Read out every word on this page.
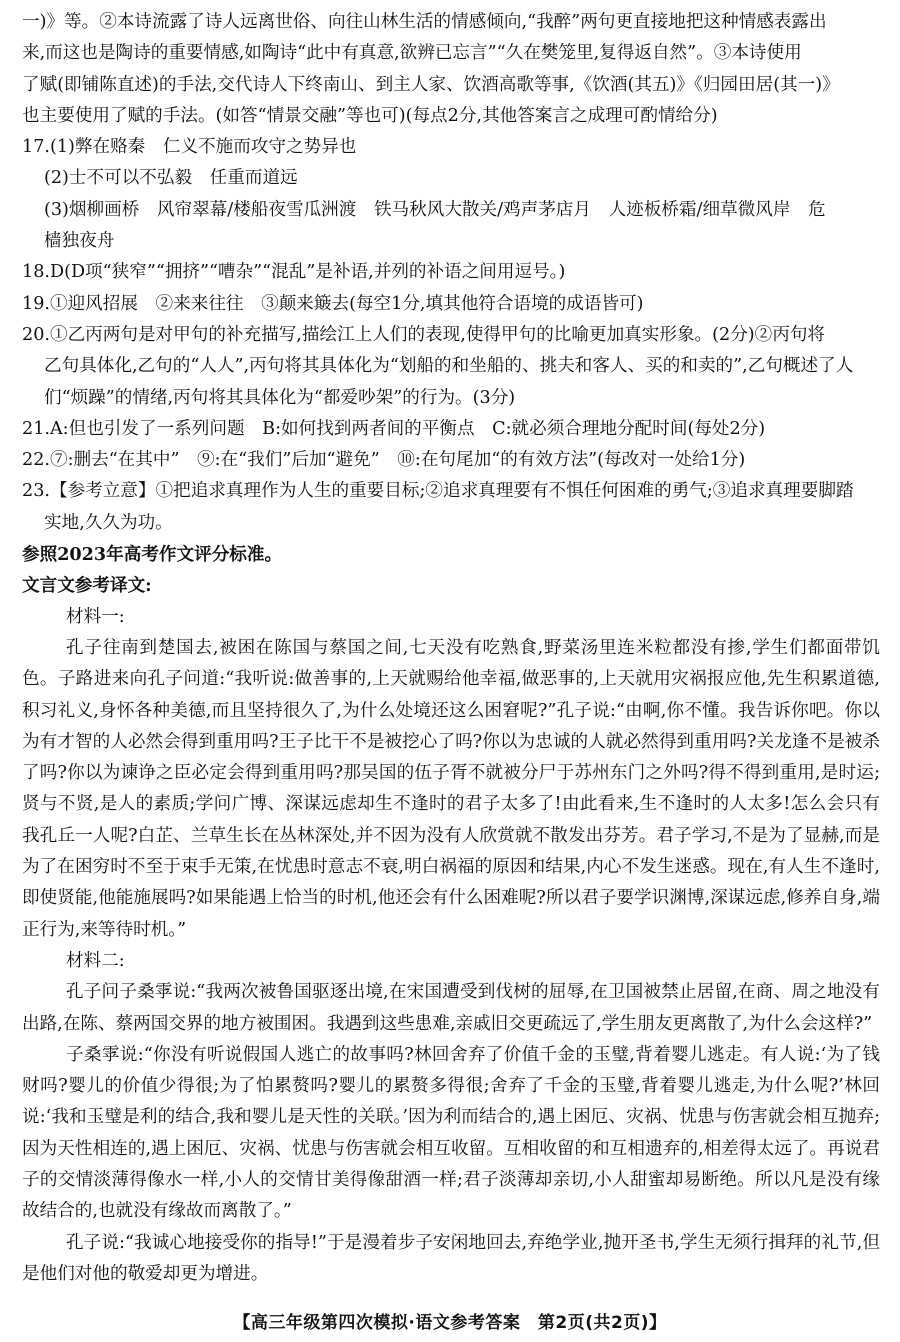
一)》等。②本诗流露了诗人远离世俗、向往山林生活的情感倾向,“我醉”两句更直接地把这种情感表露出
来,而这也是陶诗的重要情感,如陶诗“此中有真意,欲辨已忘言”“久在樊笼里,复得返自然”。③本诗使用
了赋(即铺陈直述)的手法,交代诗人下终南山、到主人家、饮酒高歌等事,《饮酒(其五)》《归园田居(其一)》
也主要使用了赋的手法。(如答“情景交融”等也可)(每点2分,其他答案言之成理可酌情给分)
17.(1)弊在赂秦　仁义不施而攻守之势异也
(2)士不可以不弘毅　任重而道远
(3)烟柳画桥　风帘翠幕/楼船夜雪瓜洲渡　铁马秋风大散关/鸡声茅店月　人迹板桥霜/细草微风岸　危
樯独夜舟
18.D(D项“狭窄”“拥挤”“嘈杂”“混乱”是补语,并列的补语之间用逗号。)
19.①迎风招展　②来来往往　③颠来簸去(每空1分,填其他符合语境的成语皆可)
20.①乙丙两句是对甲句的补充描写,描绘江上人们的表现,使得甲句的比喻更加真实形象。(2分)②丙句将
乙句具体化,乙句的“人人”,丙句将其具体化为“划船的和坐船的、挑夫和客人、买的和卖的”,乙句概述了人
们“烦躁”的情绪,丙句将其具体化为“都爱吵架”的行为。(3分)
21.A:但也引发了一系列问题　B:如何找到两者间的平衡点　C:就必须合理地分配时间(每处2分)
22.⑦:删去“在其中”　⑨:在“我们”后加“避免”　⑩:在句尾加“的有效方法”(每改对一处给1分)
23.【参考立意】①把追求真理作为人生的重要目标;②追求真理要有不惧任何困难的勇气;③追求真理要脚踏
实地,久久为功。
参照2023年高考作文评分标准。
文言文参考译文:
材料一:
孔子往南到楚国去,被困在陈国与蔡国之间,七天没有吃熟食,野菜汤里连米粒都没有掺,学生们都面带饥色。子路进来向孔子问道:“我听说:做善事的,上天就赐给他幸福,做恶事的,上天就用灾祸报应他,先生积累道德,积习礼义,身怀各种美德,而且坚持很久了,为什么处境还这么困窘呢?”孔子说:“由啊,你不懂。我告诉你吧。你以为有才智的人必然会得到重用吗?王子比干不是被挖心了吗?你以为忠诚的人就必然得到重用吗?关龙逢不是被杀了吗?你以为谏诤之臣必定会得到重用吗?那吴国的伍子胥不就被分尸于苏州东门之外吗?得不得到重用,是时运;贤与不贤,是人的素质;学问广博、深谋远虑却生不逢时的君子太多了!由此看来,生不逢时的人太多!怎么会只有我孔丘一人呢?白芷、兰草生长在丛林深处,并不因为没有人欣赏就不散发出芬芳。君子学习,不是为了显赫,而是为了在困穷时不至于束手无策,在忧患时意志不衰,明白祸福的原因和结果,内心不发生迷惑。现在,有人生不逢时,即使贤能,他能施展吗?如果能遇上恰当的时机,他还会有什么困难呢?所以君子要学识渊博,深谋远虑,修养自身,端正行为,来等待时机。”
材料二:
孔子问子桑雽说:“我两次被鲁国驱逐出境,在宋国遭受到伐树的屈辱,在卫国被禁止居留,在商、周之地没有出路,在陈、蔡两国交界的地方被围困。我遇到这些患难,亲戚旧交更疏远了,学生朋友更离散了,为什么会这样?”
子桑雽说:“你没有听说假国人逃亡的故事吗?林回舍弃了价值千金的玉璧,背着婴儿逃走。有人说:‘为了钱财吗?婴儿的价值少得很;为了怕累赘吗?婴儿的累赘多得很;舍弃了千金的玉璧,背着婴儿逃走,为什么呢?’林回说:‘我和玉璧是利的结合,我和婴儿是天性的关联。’因为利而结合的,遇上困厄、灾祸、忧患与伤害就会相互抛弃;因为天性相连的,遇上困厄、灾祸、忧患与伤害就会相互收留。互相收留的和互相遗弃的,相差得太远了。再说君子的交情淡薄得像水一样,小人的交情甘美得像甜酒一样;君子淡薄却亲切,小人甜蜜却易断绝。所以凡是没有缘故结合的,也就没有缘故而离散了。”
孔子说:“我诚心地接受你的指导!”于是漫着步子安闲地回去,弃绝学业,抛开圣书,学生无须行揖拜的礼节,但是他们对他的敬爱却更为增进。
【高三年级第四次模拟·语文参考答案　第2页(共2页)】
